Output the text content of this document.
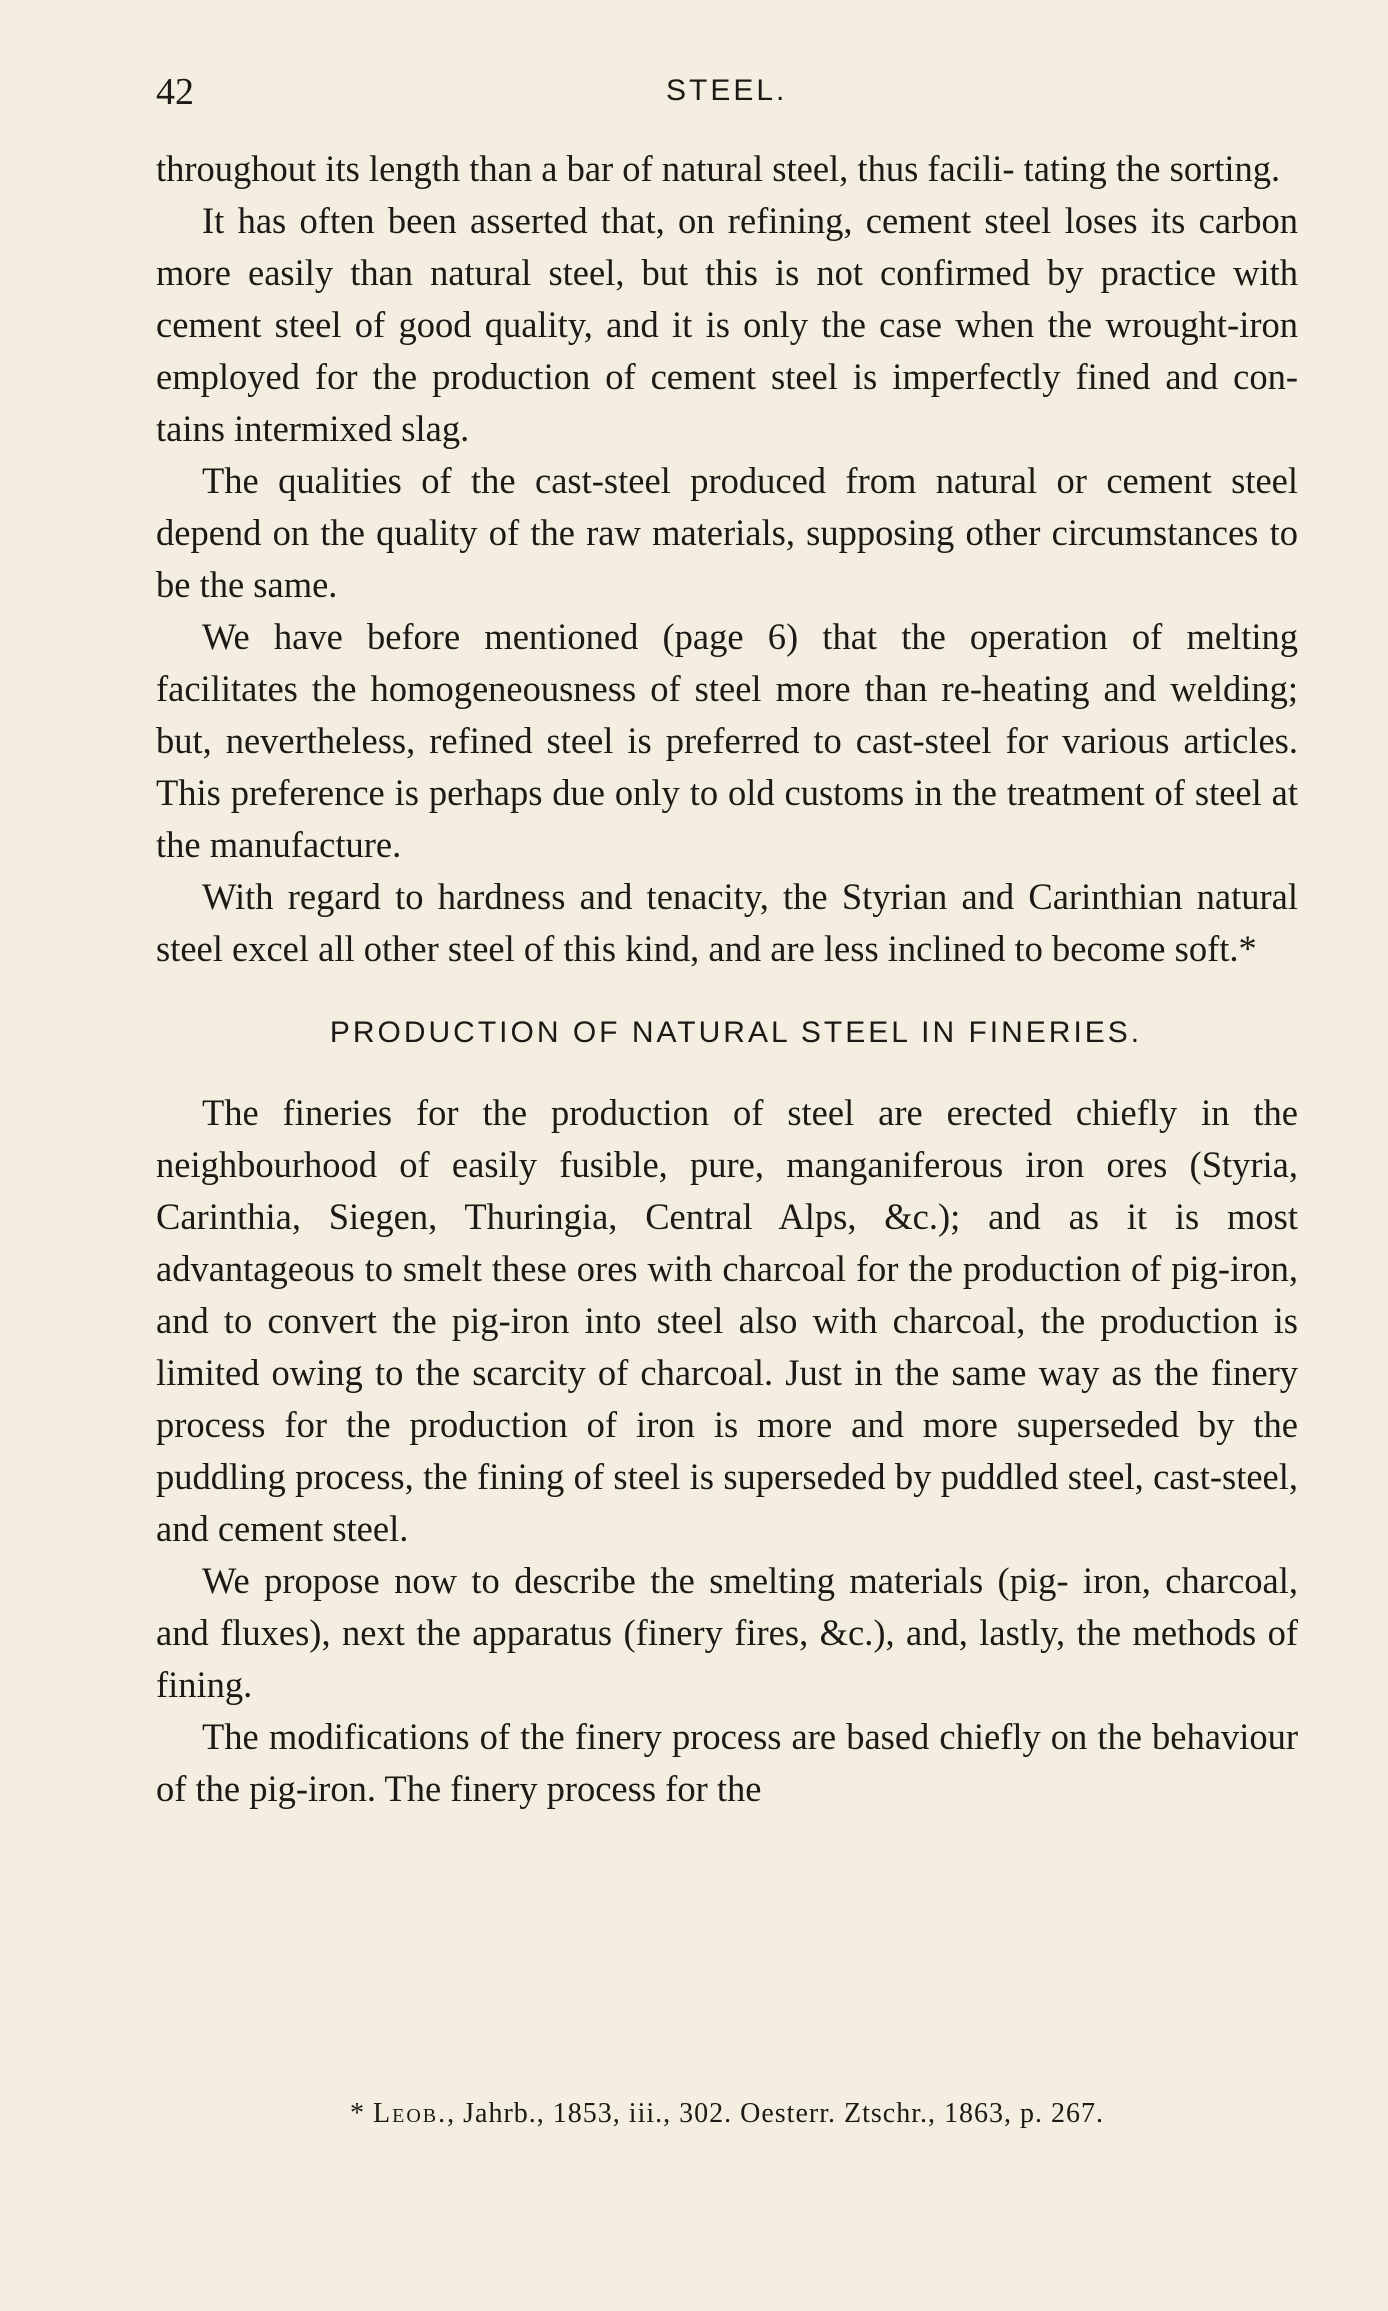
42	STEEL.

throughout its length than a bar of natural steel, thus facili- tating the sorting.

It has often been asserted that, on refining, cement steel loses its carbon more easily than natural steel, but this is not confirmed by practice with cement steel of good quality, and it is only the case when the wrought-iron employed for the production of cement steel is imperfectly fined and con- tains intermixed slag.

The qualities of the cast-steel produced from natural or cement steel depend on the quality of the raw materials, supposing other circumstances to be the same.

We have before mentioned (page 6) that the operation of melting facilitates the homogeneousness of steel more than re-heating and welding; but, nevertheless, refined steel is preferred to cast-steel for various articles. This preference is perhaps due only to old customs in the treatment of steel at the manufacture.

With regard to hardness and tenacity, the Styrian and Carinthian natural steel excel all other steel of this kind, and are less inclined to become soft.*

PRODUCTION OF NATURAL STEEL IN FINERIES.

The fineries for the production of steel are erected chiefly in the neighbourhood of easily fusible, pure, manganiferous iron ores (Styria, Carinthia, Siegen, Thuringia, Central Alps, &c.); and as it is most advantageous to smelt these ores with charcoal for the production of pig-iron, and to convert the pig-iron into steel also with charcoal, the production is limited owing to the scarcity of charcoal. Just in the same way as the finery process for the production of iron is more and more superseded by the puddling process, the fining of steel is superseded by puddled steel, cast-steel, and cement steel.

We propose now to describe the smelting materials (pig- iron, charcoal, and fluxes), next the apparatus (finery fires, &c.), and, lastly, the methods of fining.

The modifications of the finery process are based chiefly on the behaviour of the pig-iron. The finery process for the

* Leob., Jahrb., 1853, iii., 302. Oesterr. Ztschr., 1863, p. 267.
